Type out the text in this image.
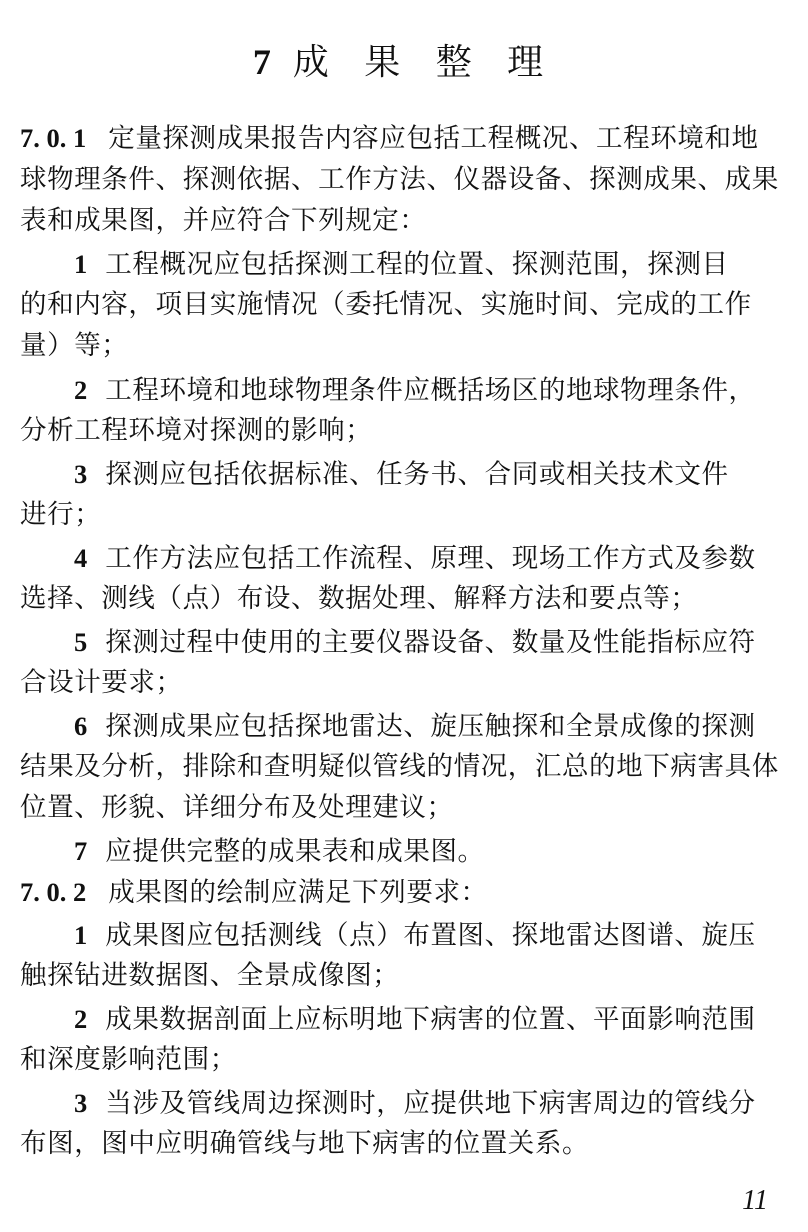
7 成 果 整 理
7. 0. 1 定量探测成果报告内容应包括工程概况、工程环境和地
球物理条件、探测依据、工作方法、仪器设备、探测成果、成果
表和成果图，并应符合下列规定：
1 工程概况应包括探测工程的位置、探测范围，探测目
的和内容，项目实施情况（委托情况、实施时间、完成的工作
量）等；
2 工程环境和地球物理条件应概括场区的地球物理条件，
分析工程环境对探测的影响；
3 探测应包括依据标准、任务书、合同或相关技术文件
进行；
4 工作方法应包括工作流程、原理、现场工作方式及参数
选择、测线（点）布设、数据处理、解释方法和要点等；
5 探测过程中使用的主要仪器设备、数量及性能指标应符
合设计要求；
6 探测成果应包括探地雷达、旋压触探和全景成像的探测
结果及分析，排除和查明疑似管线的情况，汇总的地下病害具体
位置、形貌、详细分布及处理建议；
7 应提供完整的成果表和成果图。
7. 0. 2 成果图的绘制应满足下列要求：
1 成果图应包括测线（点）布置图、探地雷达图谱、旋压
触探钻进数据图、全景成像图；
2 成果数据剖面上应标明地下病害的位置、平面影响范围
和深度影响范围；
3 当涉及管线周边探测时，应提供地下病害周边的管线分
布图，图中应明确管线与地下病害的位置关系。
11
